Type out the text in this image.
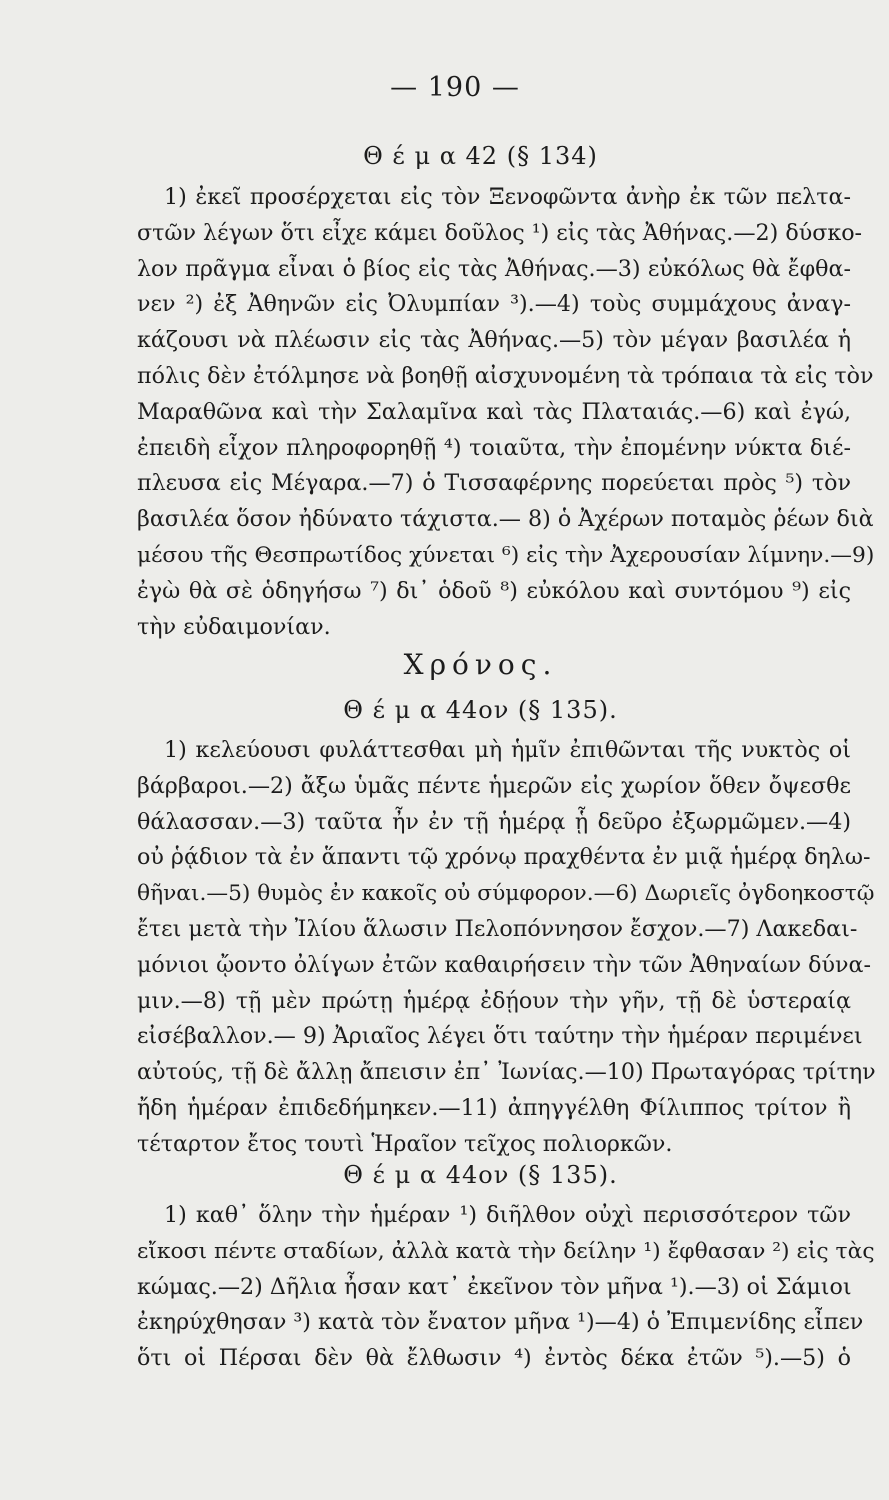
— 190 —
Θ έ μ α 42 (§ 134)
1) ἐκεῖ προσέρχεται εἰς τὸν Ξενοφῶντα ἀνὴρ ἐκ τῶν πελτα-
στῶν λέγων ὅτι εἶχε κάμει δοῦλος ¹) εἰς τὰς Ἀθήνας.—2) δύσκο-
λον πρᾶγμα εἶναι ὁ βίος εἰς τὰς Ἀθήνας.—3) εὐκόλως θὰ ἔφθα-
νεν ²) ἐξ Ἀθηνῶν εἰς Ὀλυμπίαν ³).—4) τοὺς συμμάχους ἀναγ-
κάζουσι νὰ πλέωσιν εἰς τὰς Ἀθήνας.—5) τὸν μέγαν βασιλέα ἡ
πόλις δὲν ἐτόλμησε νὰ βοηθῇ αἰσχυνομένη τὰ τρόπαια τὰ εἰς τὸν
Μαραθῶνα καὶ τὴν Σαλαμῖνα καὶ τὰς Πλαταιάς.—6) καὶ ἐγώ,
ἐπειδὴ εἶχον πληροφορηθῇ ⁴) τοιαῦτα, τὴν ἐπομένην νύκτα διέ-
πλευσα εἰς Μέγαρα.—7) ὁ Τισσαφέρνης πορεύεται πρὸς ⁵) τὸν
βασιλέα ὅσον ἠδύνατο τάχιστα.— 8) ὁ Ἀχέρων ποταμὸς ῥέων διὰ
μέσου τῆς Θεσπρωτίδος χύνεται ⁶) εἰς τὴν Ἀχερουσίαν λίμνην.—9)
ἐγὼ θὰ σὲ ὁδηγήσω ⁷) δι᾽ ὁδοῦ ⁸) εὐκόλου καὶ συντόμου ⁹) εἰς
τὴν εὐδαιμονίαν.
Χρόνος.
Θ έ μ α 44ον (§ 135).
1) κελεύουσι φυλάττεσθαι μὴ ἡμῖν ἐπιθῶνται τῆς νυκτὸς οἱ
βάρβαροι.—2) ἄξω ὑμᾶς πέντε ἡμερῶν εἰς χωρίον ὅθεν ὄψεσθε
θάλασσαν.—3) ταῦτα ἦν ἐν τῇ ἡμέρᾳ ᾗ δεῦρο ἐξωρμῶμεν.—4)
οὐ ῥᾴδιον τὰ ἐν ἅπαντι τῷ χρόνῳ πραχθέντα ἐν μιᾷ ἡμέρᾳ δηλω-
θῆναι.—5) θυμὸς ἐν κακοῖς οὐ σύμφορον.—6) Δωριεῖς ὀγδοηκοστῷ
ἔτει μετὰ τὴν Ἰλίου ἅλωσιν Πελοπόννησον ἔσχον.—7) Λακεδαι-
μόνιοι ᾤοντο ὀλίγων ἐτῶν καθαιρήσειν τὴν τῶν Ἀθηναίων δύνα-
μιν.—8) τῇ μὲν πρώτῃ ἡμέρᾳ ἐδῄουν τὴν γῆν, τῇ δὲ ὑστεραίᾳ
εἰσέβαλλον.— 9) Ἀριαῖος λέγει ὅτι ταύτην τὴν ἡμέραν περιμένει
αὐτούς, τῇ δὲ ἄλλῃ ἄπεισιν ἐπ᾽ Ἰωνίας.—10) Πρωταγόρας τρίτην
ἤδη ἡμέραν ἐπιδεδήμηκεν.—11) ἀπηγγέλθη Φίλιππος τρίτον ἢ
τέταρτον ἔτος τουτὶ Ἡραῖον τεῖχος πολιορκῶν.
Θ έ μ α 44ον (§ 135).
1) καθ᾽ ὅλην τὴν ἡμέραν ¹) διῆλθον οὐχὶ περισσότερον τῶν
εἴκοσι πέντε σταδίων, ἀλλὰ κατὰ τὴν δείλην ¹) ἔφθασαν ²) εἰς τὰς
κώμας.—2) Δῆλια ἦσαν κατ᾽ ἐκεῖνον τὸν μῆνα ¹).—3) οἱ Σάμιοι
ἐκηρύχθησαν ³) κατὰ τὸν ἔνατον μῆνα ¹)—4) ὁ Ἐπιμενίδης εἶπεν
ὅτι οἱ Πέρσαι δὲν θὰ ἔλθωσιν ⁴) ἐντὸς δέκα ἐτῶν ⁵).—5) ὁ
